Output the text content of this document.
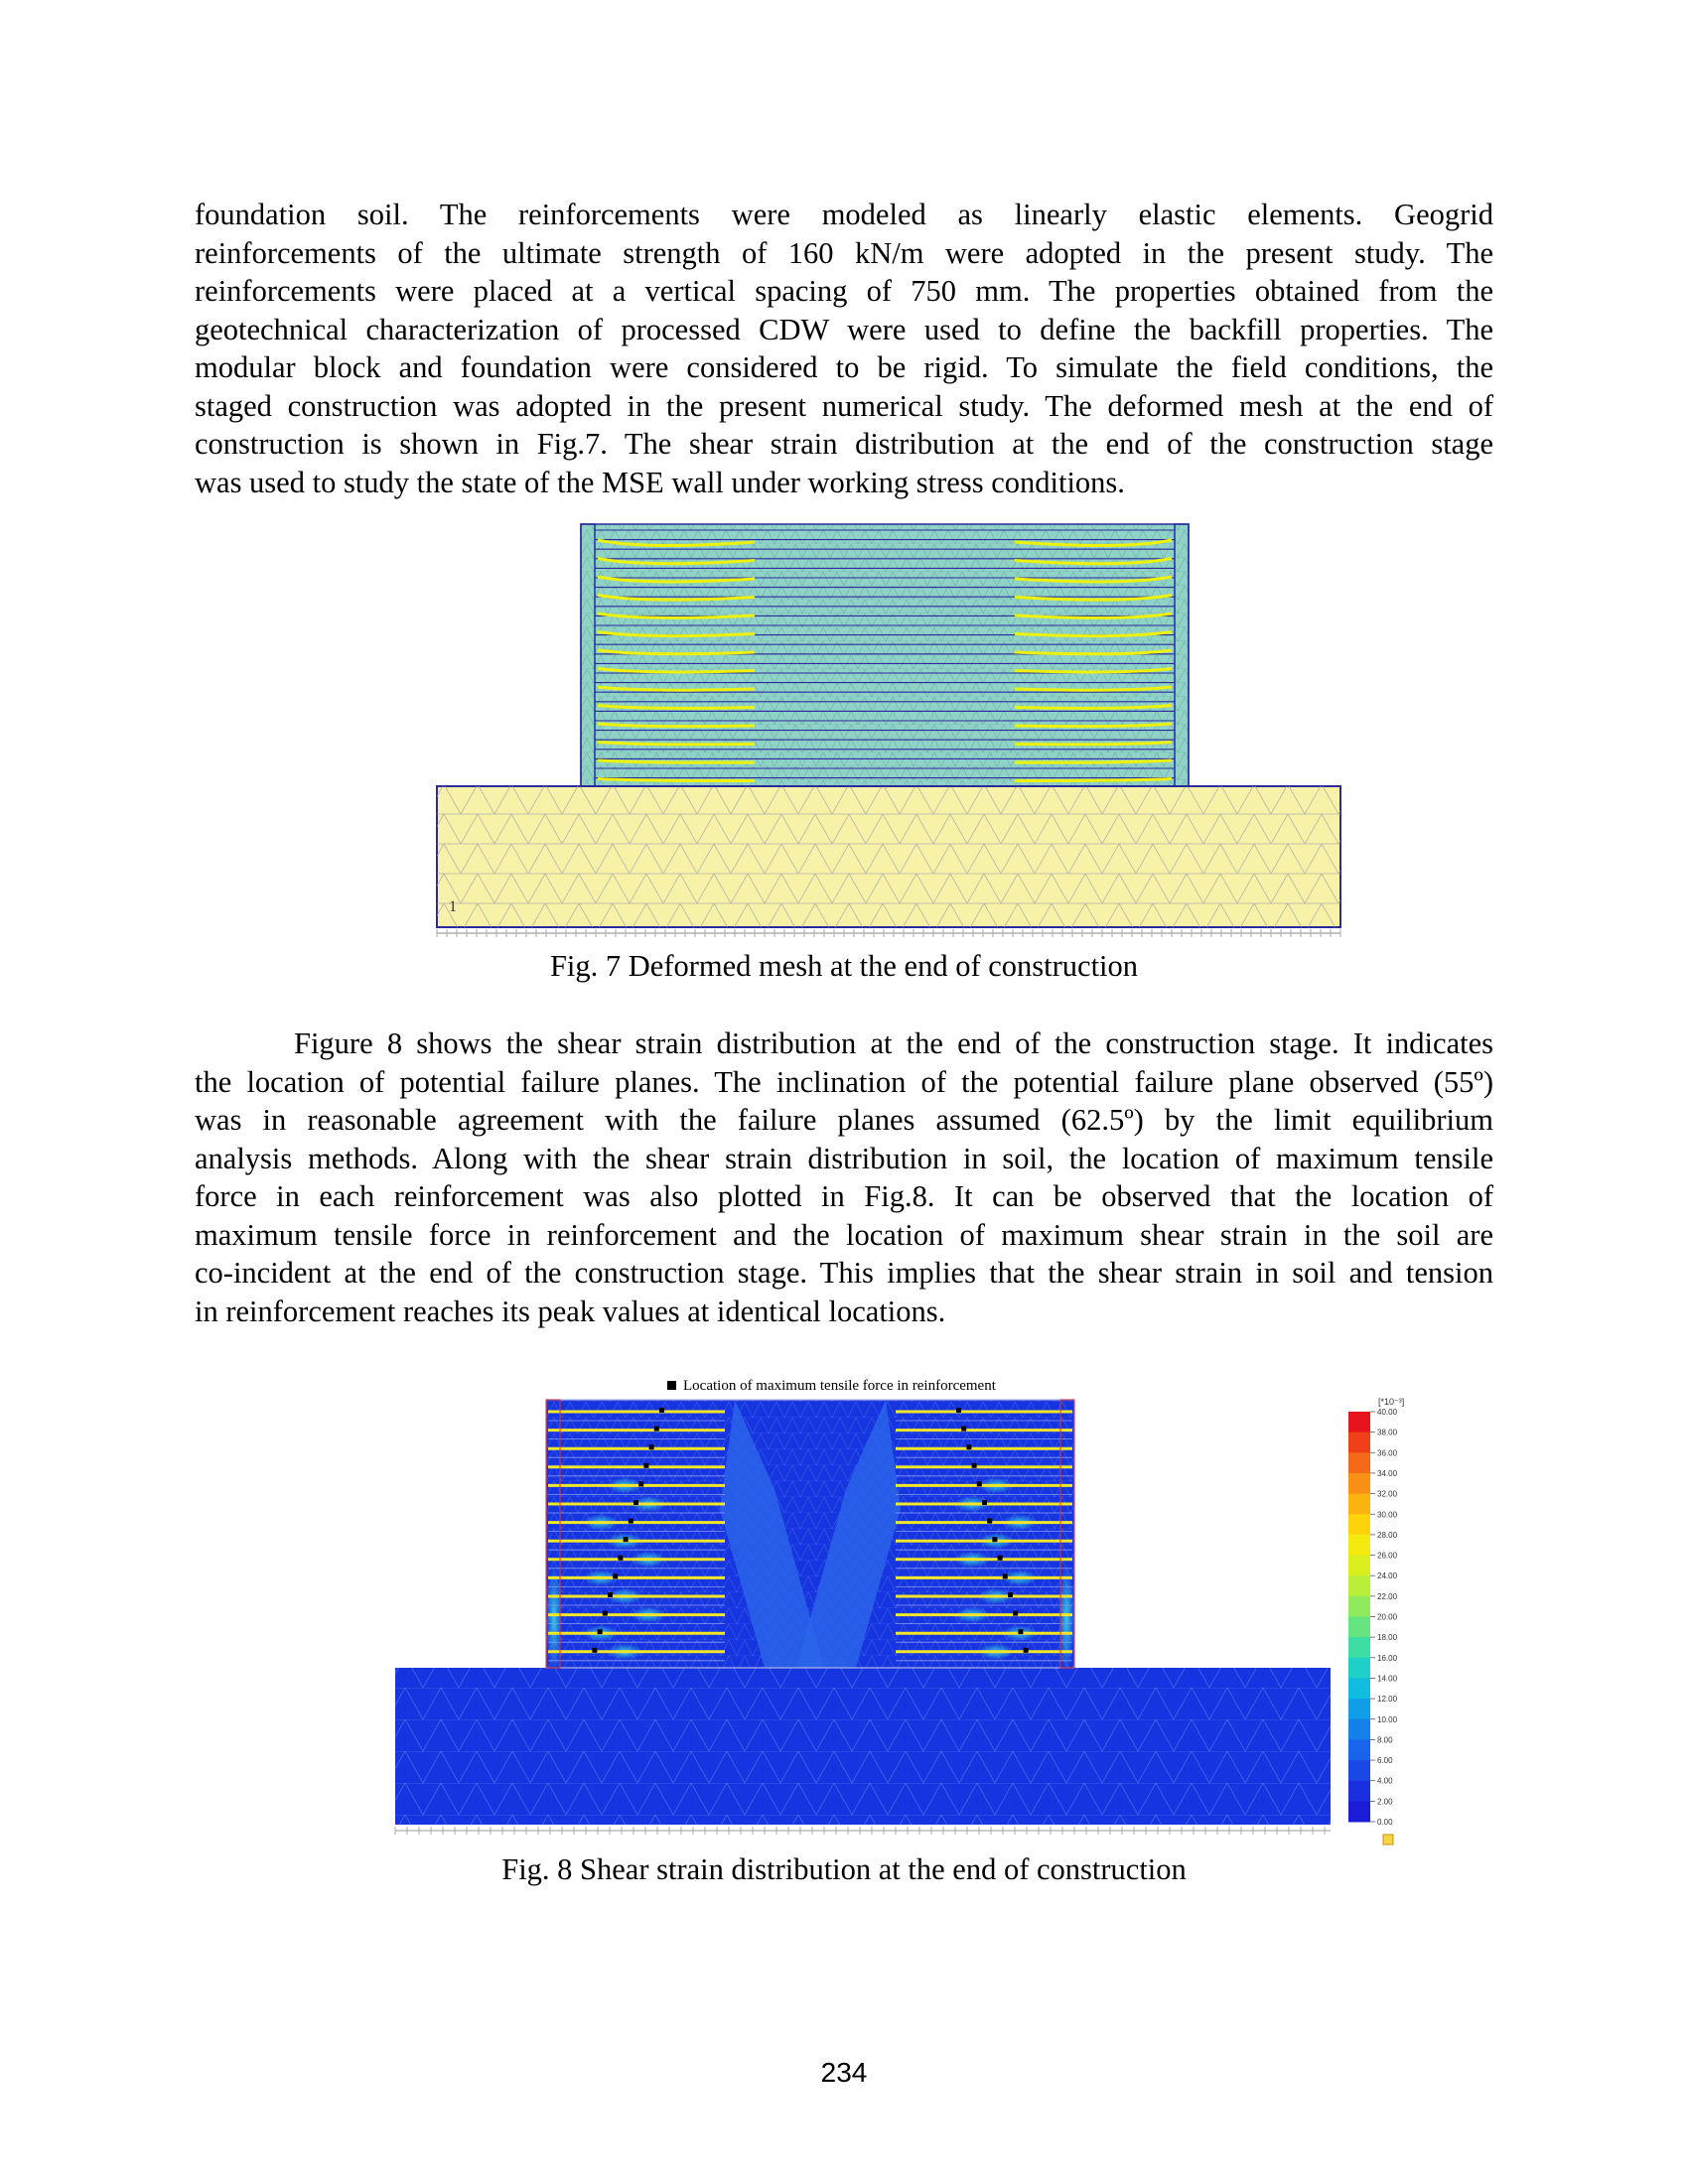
foundation soil. The reinforcements were modeled as linearly elastic elements. Geogrid
reinforcements of the ultimate strength of 160 kN/m were adopted in the present study. The
reinforcements were placed at a vertical spacing of 750 mm. The properties obtained from the
geotechnical characterization of processed CDW were used to define the backfill properties. The
modular block and foundation were considered to be rigid. To simulate the field conditions, the
staged construction was adopted in the present numerical study. The deformed mesh at the end of
construction is shown in Fig.7. The shear strain distribution at the end of the construction stage
was used to study the state of the MSE wall under working stress conditions.
1
Fig. 7 Deformed mesh at the end of construction
Figure 8 shows the shear strain distribution at the end of the construction stage. It indicates
the location of potential failure planes. The inclination of the potential failure plane observed (55º)
was in reasonable agreement with the failure planes assumed (62.5º) by the limit equilibrium
analysis methods. Along with the shear strain distribution in soil, the location of maximum tensile
force in each reinforcement was also plotted in Fig.8. It can be observed that the location of
maximum tensile force in reinforcement and the location of maximum shear strain in the soil are
co-incident at the end of the construction stage. This implies that the shear strain in soil and tension
in reinforcement reaches its peak values at identical locations.
Location of maximum tensile force in reinforcement
[*10⁻³]
40.00
38.00
36.00
34.00
32.00
30.00
28.00
26.00
24.00
22.00
20.00
18.00
16.00
14.00
12.00
10.00
8.00
6.00
4.00
2.00
0.00
Fig. 8 Shear strain distribution at the end of construction
234
